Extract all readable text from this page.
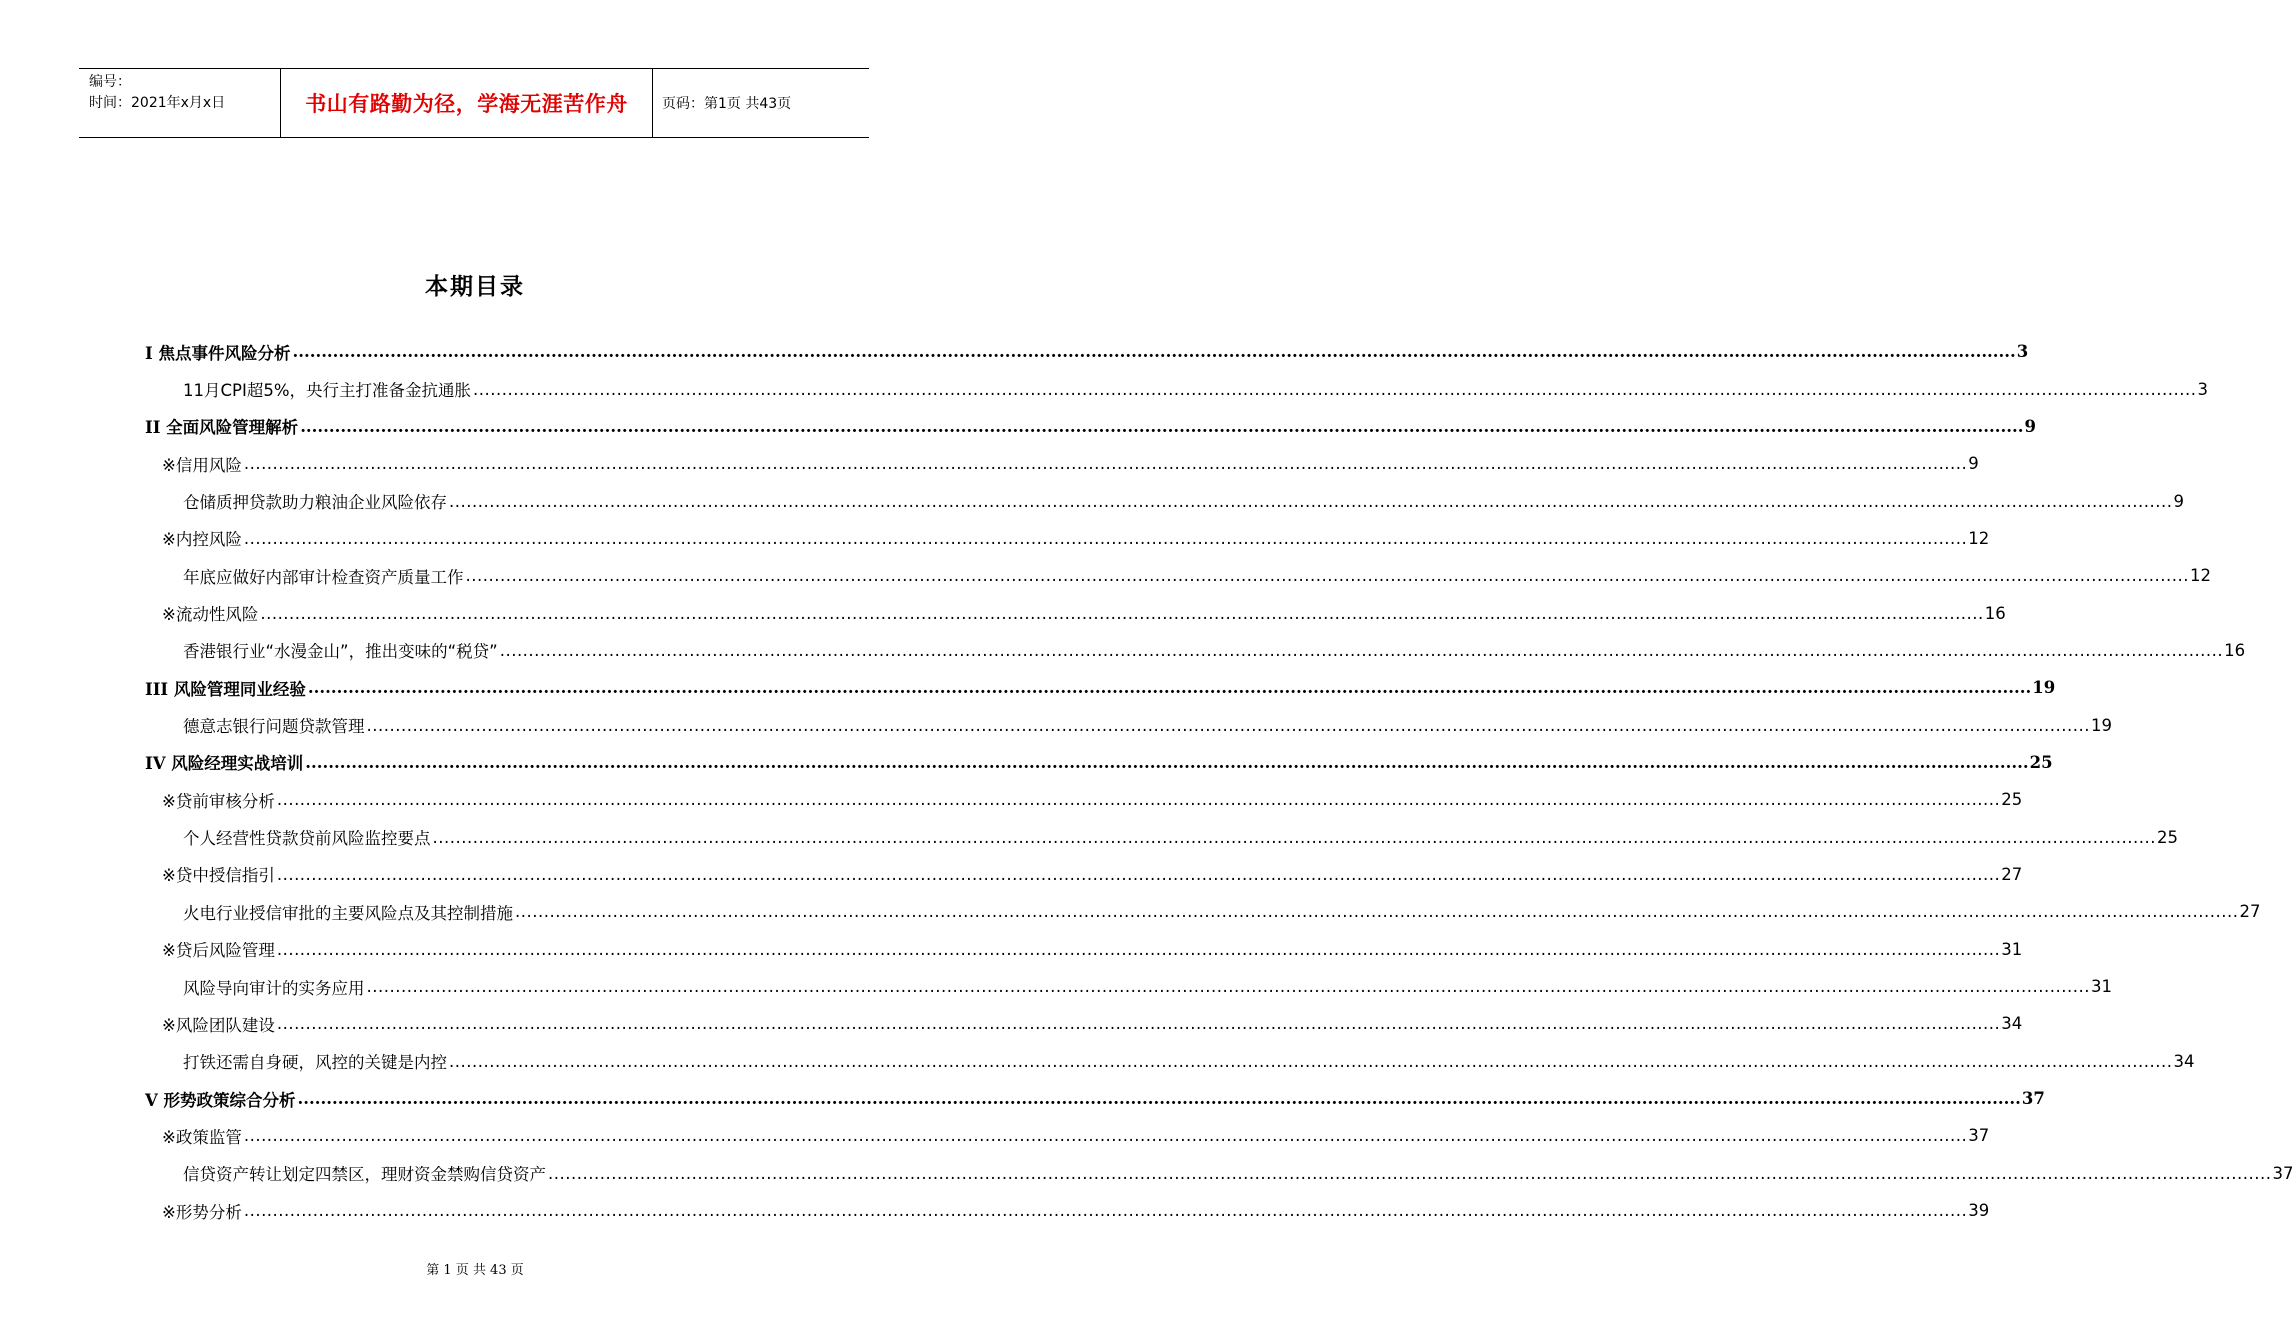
编号：
时间：2021年x月x日	书山有路勤为径，学海无涯苦作舟	页码：第1页 共43页
本期目录
I 焦点事件风险分析 ............................................................................................................................................................................................................................................................................................................ 3
11月CPI超5%，央行主打准备金抗通胀 ............................................................................................................................................................................................................................................................................................................ 3
II 全面风险管理解析 ............................................................................................................................................................................................................................................................................................................ 9
※信用风险 ............................................................................................................................................................................................................................................................................................................ 9
仓储质押贷款助力粮油企业风险依存 ............................................................................................................................................................................................................................................................................................................ 9
※内控风险 ............................................................................................................................................................................................................................................................................................................ 12
年底应做好内部审计检查资产质量工作 ............................................................................................................................................................................................................................................................................................................ 12
※流动性风险 ............................................................................................................................................................................................................................................................................................................ 16
香港银行业“水漫金山”，推出变味的“税贷” ............................................................................................................................................................................................................................................................................................................ 16
III 风险管理同业经验 ............................................................................................................................................................................................................................................................................................................ 19
德意志银行问题贷款管理 ............................................................................................................................................................................................................................................................................................................ 19
IV 风险经理实战培训 ............................................................................................................................................................................................................................................................................................................ 25
※贷前审核分析 ............................................................................................................................................................................................................................................................................................................ 25
个人经营性贷款贷前风险监控要点 ............................................................................................................................................................................................................................................................................................................ 25
※贷中授信指引 ............................................................................................................................................................................................................................................................................................................ 27
火电行业授信审批的主要风险点及其控制措施 ............................................................................................................................................................................................................................................................................................................ 27
※贷后风险管理 ............................................................................................................................................................................................................................................................................................................ 31
风险导向审计的实务应用 ............................................................................................................................................................................................................................................................................................................ 31
※风险团队建设 ............................................................................................................................................................................................................................................................................................................ 34
打铁还需自身硬，风控的关键是内控 ............................................................................................................................................................................................................................................................................................................ 34
V 形势政策综合分析 ............................................................................................................................................................................................................................................................................................................ 37
※政策监管 ............................................................................................................................................................................................................................................................................................................ 37
信贷资产转让划定四禁区，理财资金禁购信贷资产 ............................................................................................................................................................................................................................................................................................................ 37
※形势分析 ............................................................................................................................................................................................................................................................................................................ 39
第 1 页 共 43 页
